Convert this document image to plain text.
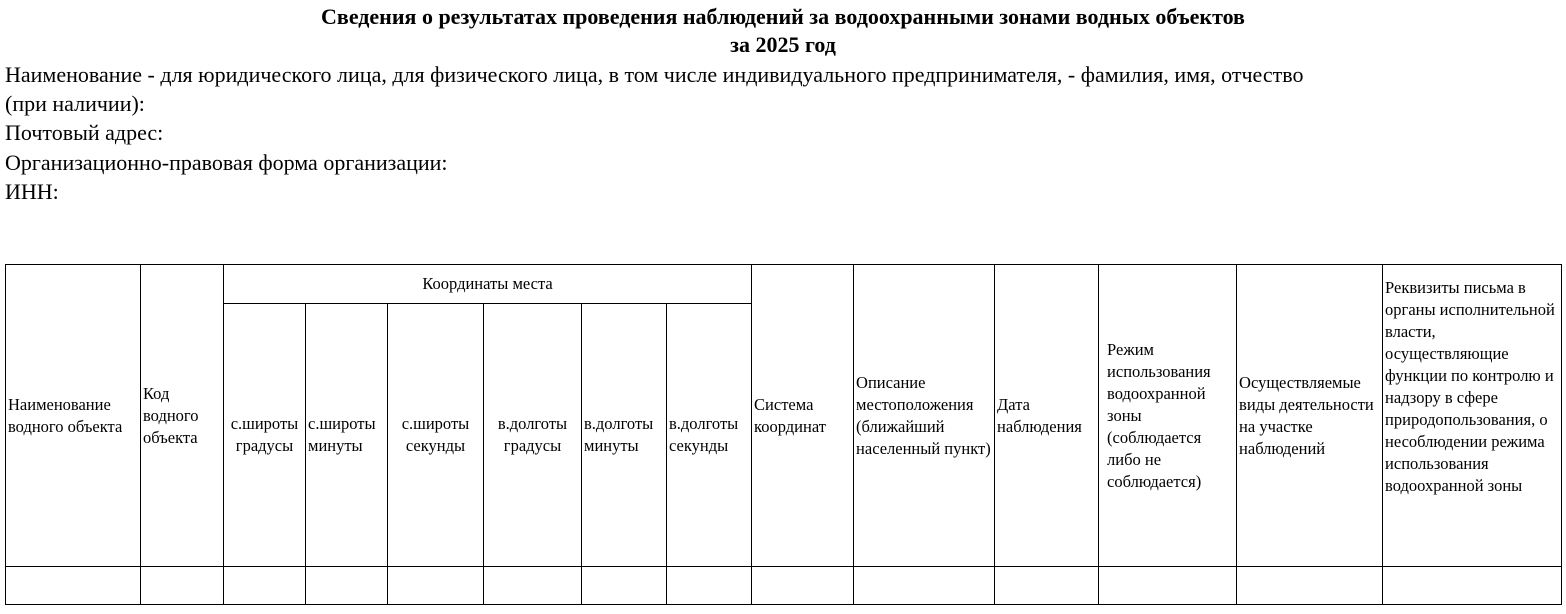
Сведения о результатах проведения наблюдений за водоохранными зонами водных объектов
за 2025 год
Наименование - для юридического лица, для физического лица, в том числе индивидуального предпринимателя, - фамилия, имя, отчество
(при наличии):
Почтовый адрес:
Организационно-правовая форма организации:
ИНН:
Наименование водного объекта	Код водного объекта	Координаты места						Система координат	Описание местоположения (ближайший населенный пункт)	Дата наблюдения	Режим использования водоохранной зоны (соблюдается либо не соблюдается)	Осуществляемые виды деятельности на участке наблюдений	Реквизиты письма в органы исполнительной власти, осуществляющие функции по контролю и надзору в сфере природопользования, о несоблюдении режима использования водоохранной зоны
		с.широты градусы	с.широты минуты	с.широты секунды	в.долготы градусы	в.долготы минуты	в.долготы секунды						
